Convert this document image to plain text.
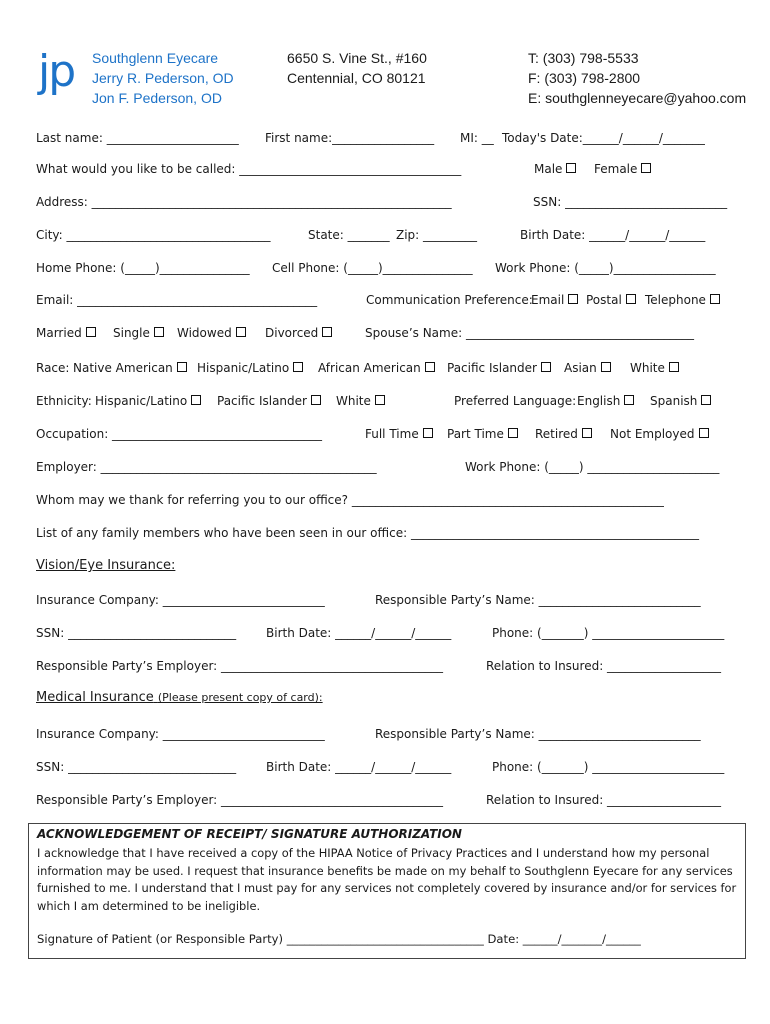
jp Southglenn Eyecare
Jerry R. Pederson, OD
Jon F. Pederson, OD
6650 S. Vine St., #160
Centennial, CO 80121
T: (303) 798-5533
F: (303) 798-2800
E: southglenneyecare@yahoo.com
Last name: ______________________ First name:_________________ MI: __ Today's Date:______/______/_______
What would you like to be called: _____________________________________	Male	Female
Address: ____________________________________________________________	SSN: ___________________________
City: __________________________________	State: _______ Zip: _________	Birth Date: ______/______/______
Home Phone: (_____)_______________ Cell Phone: (_____)_______________ Work Phone: (_____)_________________
Email: ________________________________________	Communication Preference:
Email	Postal	Telephone
Married	Single	Widowed	Divorced	Spouse’s Name: ______________________________________
Race: Native American	Hispanic/Latino	African American	Pacific Islander	Asian	White
Ethnicity: Hispanic/Latino	Pacific Islander	White	Preferred Language: English	Spanish
Occupation: ___________________________________	Full Time	Part Time	Retired	Not Employed
Employer: ______________________________________________	Work Phone: (_____) ______________________
Whom may we thank for referring you to our office? ____________________________________________________
List of any family members who have been seen in our office: ________________________________________________
Vision/Eye Insurance:
Insurance Company: ___________________________	Responsible Party’s Name: ___________________________
SSN: ____________________________ Birth Date: ______/______/______	Phone: (_______) ______________________
Responsible Party’s Employer: _____________________________________	Relation to Insured: ___________________
Medical Insurance (Please present copy of card):
Insurance Company: ___________________________	Responsible Party’s Name: ___________________________
SSN: ____________________________ Birth Date: ______/______/______	Phone: (_______) ______________________
Responsible Party’s Employer: _____________________________________	Relation to Insured: ___________________
ACKNOWLEDGEMENT OF RECEIPT/ SIGNATURE AUTHORIZATION
I acknowledge that I have received a copy of the HIPAA Notice of Privacy Practices and I understand how my personal
information may be used. I request that insurance benefits be made on my behalf to Southglenn Eyecare for any services
furnished to me. I understand that I must pay for any services not completely covered by insurance and/or for services for
which I am determined to be ineligible.
Signature of Patient (or Responsible Party) __________________________________ Date: ______/_______/______
